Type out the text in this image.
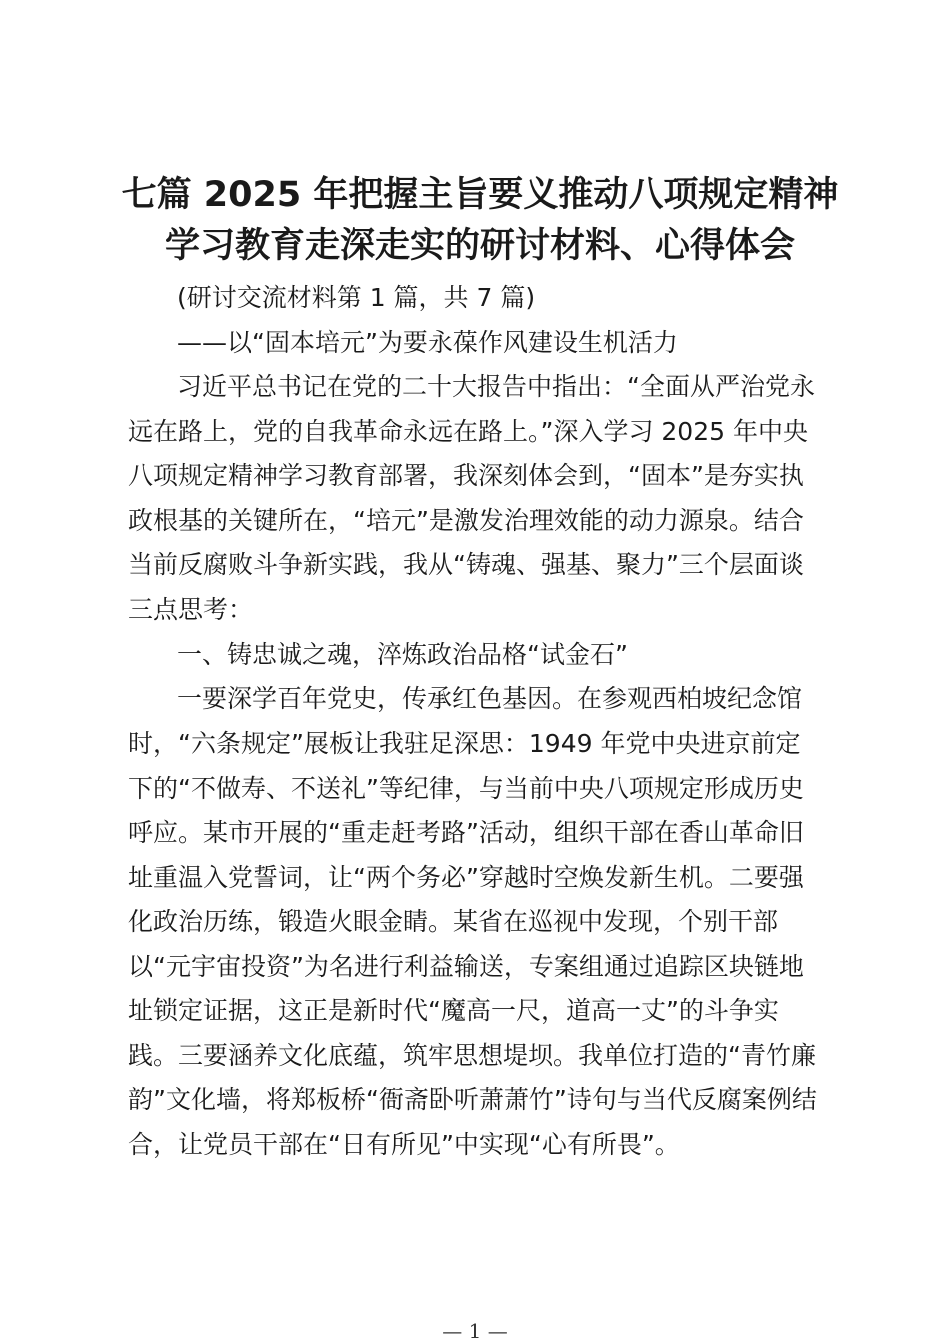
七篇 2025 年把握主旨要义推动八项规定精神
学习教育走深走实的研讨材料、心得体会
(研讨交流材料第 1 篇，共 7 篇)
——以“固本培元”为要永葆作风建设生机活力
习近平总书记在党的二十大报告中指出：“全面从严治党永
远在路上，党的自我革命永远在路上。”深入学习 2025 年中央
八项规定精神学习教育部署，我深刻体会到，“固本”是夯实执
政根基的关键所在，“培元”是激发治理效能的动力源泉。结合
当前反腐败斗争新实践，我从“铸魂、强基、聚力”三个层面谈
三点思考：
一、铸忠诚之魂，淬炼政治品格“试金石”
一要深学百年党史，传承红色基因。在参观西柏坡纪念馆
时，“六条规定”展板让我驻足深思：1949 年党中央进京前定
下的“不做寿、不送礼”等纪律，与当前中央八项规定形成历史
呼应。某市开展的“重走赶考路”活动，组织干部在香山革命旧
址重温入党誓词，让“两个务必”穿越时空焕发新生机。二要强
化政治历练，锻造火眼金睛。某省在巡视中发现，个别干部
以“元宇宙投资”为名进行利益输送，专案组通过追踪区块链地
址锁定证据，这正是新时代“魔高一尺，道高一丈”的斗争实
践。三要涵养文化底蕴，筑牢思想堤坝。我单位打造的“青竹廉
韵”文化墙，将郑板桥“衙斋卧听萧萧竹”诗句与当代反腐案例结
合，让党员干部在“日有所见”中实现“心有所畏”。
— 1 —
